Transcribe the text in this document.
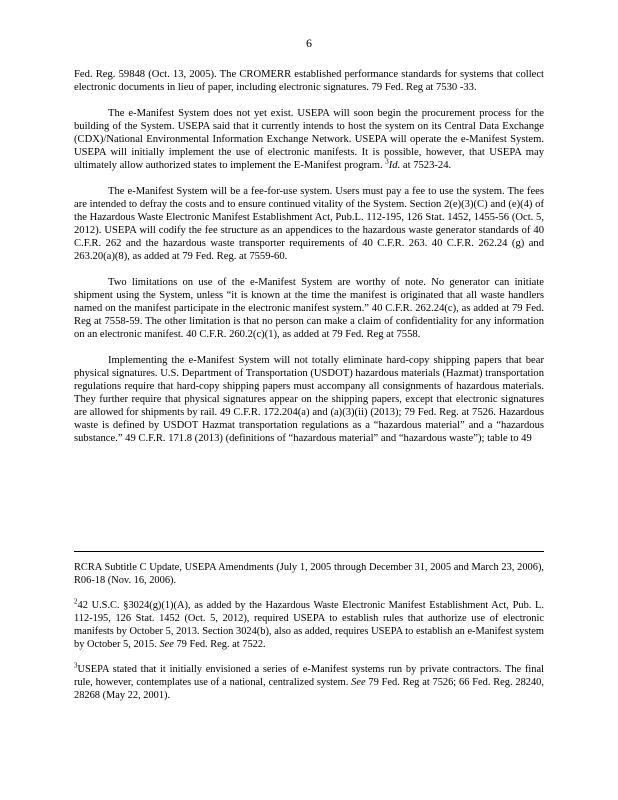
6

Fed. Reg. 59848 (Oct. 13, 2005). The CROMERR established performance standards for systems that collect electronic documents in lieu of paper, including electronic signatures. 79 Fed. Reg at 7530 -33.

The e-Manifest System does not yet exist. USEPA will soon begin the procurement process for the building of the System. USEPA said that it currently intends to host the system on its Central Data Exchange (CDX)/National Environmental Information Exchange Network. USEPA will operate the e-Manifest System. USEPA will initially implement the use of electronic manifests. It is possible, however, that USEPA may ultimately allow authorized states to implement the E-Manifest program. $^3$Id. at 7523-24.

The e-Manifest System will be a fee-for-use system. Users must pay a fee to use the system. The fees are intended to defray the costs and to ensure continued vitality of the System. Section 2(e)(3)(C) and (e)(4) of the Hazardous Waste Electronic Manifest Establishment Act, Pub.L. 112-195, 126 Stat. 1452, 1455-56 (Oct. 5, 2012). USEPA will codify the fee structure as an appendices to the hazardous waste generator standards of 40 C.F.R. 262 and the hazardous waste transporter requirements of 40 C.F.R. 263. 40 C.F.R. 262.24 (g) and 263.20(a)(8), as added at 79 Fed. Reg. at 7559-60.

Two limitations on use of the e-Manifest System are worthy of note. No generator can initiate shipment using the System, unless “it is known at the time the manifest is originated that all waste handlers named on the manifest participate in the electronic manifest system.” 40 C.F.R. 262.24(c), as added at 79 Fed. Reg at 7558-59. The other limitation is that no person can make a claim of confidentiality for any information on an electronic manifest. 40 C.F.R. 260.2(c)(1), as added at 79 Fed. Reg at 7558.

Implementing the e-Manifest System will not totally eliminate hard-copy shipping papers that bear physical signatures. U.S. Department of Transportation (USDOT) hazardous materials (Hazmat) transportation regulations require that hard-copy shipping papers must accompany all consignments of hazardous materials. They further require that physical signatures appear on the shipping papers, except that electronic signatures are allowed for shipments by rail. 49 C.F.R. 172.204(a) and (a)(3)(ii) (2013); 79 Fed. Reg. at 7526. Hazardous waste is defined by USDOT Hazmat transportation regulations as a “hazardous material” and a “hazardous substance.” 49 C.F.R. 171.8 (2013) (definitions of “hazardous material” and “hazardous waste”); table to 49

RCRA Subtitle C Update, USEPA Amendments (July 1, 2005 through December 31, 2005 and March 23, 2006), R06-18 (Nov. 16, 2006).

$^2$42 U.S.C. §3024(g)(1)(A), as added by the Hazardous Waste Electronic Manifest Establishment Act, Pub. L. 112-195, 126 Stat. 1452 (Oct. 5, 2012), required USEPA to establish rules that authorize use of electronic manifests by October 5, 2013. Section 3024(b), also as added, requires USEPA to establish an e-Manifest system by October 5, 2015. See 79 Fed. Reg. at 7522.

$^3$USEPA stated that it initially envisioned a series of e-Manifest systems run by private contractors. The final rule, however, contemplates use of a national, centralized system. See 79 Fed. Reg at 7526; 66 Fed. Reg. 28240, 28268 (May 22, 2001).
